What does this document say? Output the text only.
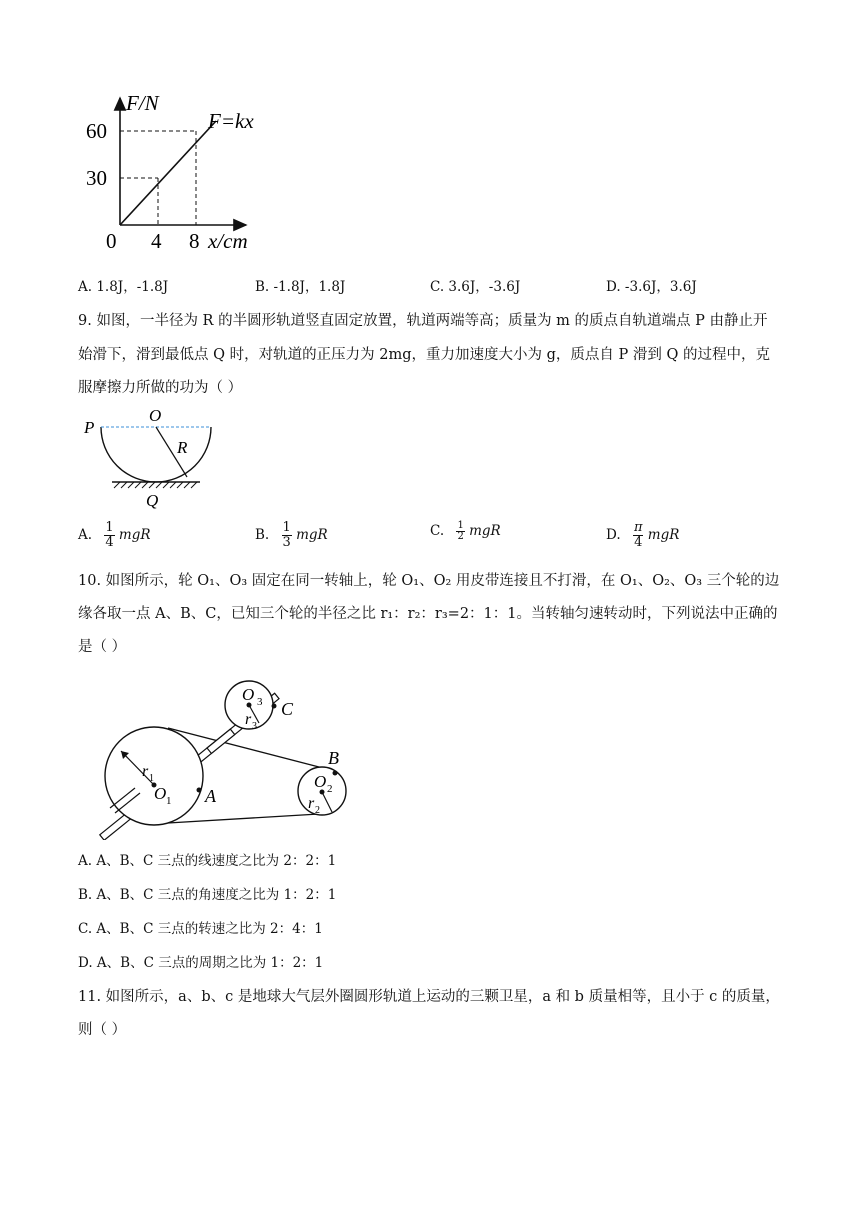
F/N
F=kx
60
30
0 4 8 x/cm
A. 1.8J，-1.8J	B. -1.8J，1.8J	C. 3.6J，-3.6J	D. -3.6J，3.6J
9. 如图，一半径为 R 的半圆形轨道竖直固定放置，轨道两端等高；质量为 m 的质点自轨道端点 P 由静止开
始滑下，滑到最低点 Q 时，对轨道的正压力为 2mg，重力加速度大小为 g，质点自 P 滑到 Q 的过程中，克
服摩擦力所做的功为（ ）
P
O
R
Q
A. $\frac{1}{4}$ mgR	B. $\frac{1}{3}$ mgR	C. $\frac{1}{2}$ mgR	D. $\frac{\pi}{4}$ mgR
10. 如图所示，轮 O₁、O₃ 固定在同一转轴上，轮 O₁、O₂ 用皮带连接且不打滑，在 O₁、O₂、O₃ 三个轮的边
缘各取一点 A、B、C，已知三个轮的半径之比 r₁：r₂：r₃=2：1：1。当转轴匀速转动时，下列说法中正确的
是（ ）
O 3
r 3
C
r 1
O 1 A
B
O 2
r 2
A. A、B、C 三点的线速度之比为 2：2：1
B. A、B、C 三点的角速度之比为 1：2：1
C. A、B、C 三点的转速之比为 2：4：1
D. A、B、C 三点的周期之比为 1：2：1
11. 如图所示，a、b、c 是地球大气层外圈圆形轨道上运动的三颗卫星，a 和 b 质量相等，且小于 c 的质量，
则（ ）
